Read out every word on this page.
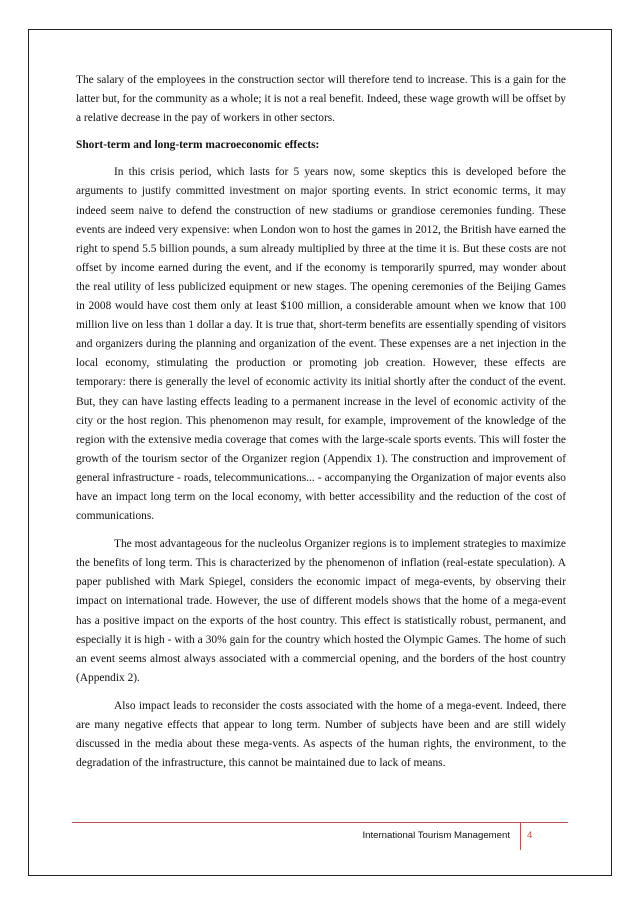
The salary of the employees in the construction sector will therefore tend to increase. This is a gain for the latter but, for the community as a whole; it is not a real benefit. Indeed, these wage growth will be offset by a relative decrease in the pay of workers in other sectors.

Short-term and long-term macroeconomic effects:

In this crisis period, which lasts for 5 years now, some skeptics this is developed before the arguments to justify committed investment on major sporting events. In strict economic terms, it may indeed seem naive to defend the construction of new stadiums or grandiose ceremonies funding. These events are indeed very expensive: when London won to host the games in 2012, the British have earned the right to spend 5.5 billion pounds, a sum already multiplied by three at the time it is. But these costs are not offset by income earned during the event, and if the economy is temporarily spurred, may wonder about the real utility of less publicized equipment or new stages. The opening ceremonies of the Beijing Games in 2008 would have cost them only at least $100 million, a considerable amount when we know that 100 million live on less than 1 dollar a day. It is true that, short-term benefits are essentially spending of visitors and organizers during the planning and organization of the event. These expenses are a net injection in the local economy, stimulating the production or promoting job creation. However, these effects are temporary: there is generally the level of economic activity its initial shortly after the conduct of the event. But, they can have lasting effects leading to a permanent increase in the level of economic activity of the city or the host region. This phenomenon may result, for example, improvement of the knowledge of the region with the extensive media coverage that comes with the large-scale sports events. This will foster the growth of the tourism sector of the Organizer region (Appendix 1). The construction and improvement of general infrastructure - roads, telecommunications... - accompanying the Organization of major events also have an impact long term on the local economy, with better accessibility and the reduction of the cost of communications.

The most advantageous for the nucleolus Organizer regions is to implement strategies to maximize the benefits of long term. This is characterized by the phenomenon of inflation (real-estate speculation). A paper published with Mark Spiegel, considers the economic impact of mega-events, by observing their impact on international trade. However, the use of different models shows that the home of a mega-event has a positive impact on the exports of the host country. This effect is statistically robust, permanent, and especially it is high - with a 30% gain for the country which hosted the Olympic Games. The home of such an event seems almost always associated with a commercial opening, and the borders of the host country (Appendix 2).

Also impact leads to reconsider the costs associated with the home of a mega-event. Indeed, there are many negative effects that appear to long term. Number of subjects have been and are still widely discussed in the media about these mega-vents. As aspects of the human rights, the environment, to the degradation of the infrastructure, this cannot be maintained due to lack of means.

International Tourism Management 4
